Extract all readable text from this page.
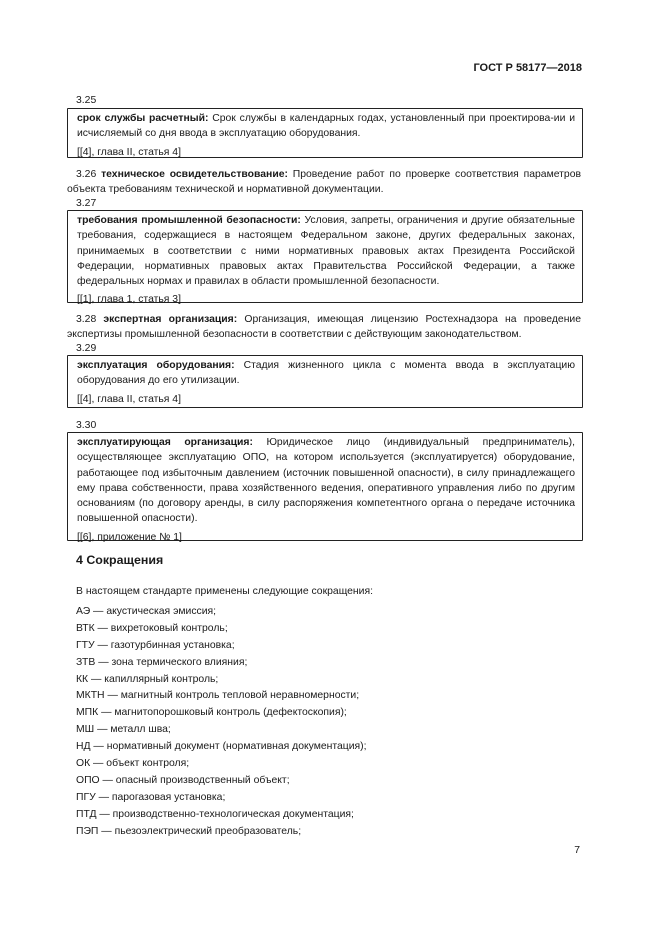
ГОСТ Р 58177—2018
3.25

срок службы расчетный: Срок службы в календарных годах, установленный при проектирова-ии и исчисляемый со дня ввода в эксплуатацию оборудования.

[[4], глава II, статья 4]

3.26 техническое освидетельствование: Проведение работ по проверке соответствия параметров объекта требованиям технической и нормативной документации.
3.27

требования промышленной безопасности: Условия, запреты, ограничения и другие обязательные требования, содержащиеся в настоящем Федеральном законе, других федеральных законах, принимаемых в соответствии с ними нормативных правовых актах Президента Российской Федерации, нормативных правовых актах Правительства Российской Федерации, а также федеральных нормах и правилах в области промышленной безопасности.

[[1], глава 1, статья 3]

3.28 экспертная организация: Организация, имеющая лицензию Ростехнадзора на проведение экспертизы промышленной безопасности в соответствии с действующим законодательством.
3.29

эксплуатация оборудования: Стадия жизненного цикла с момента ввода в эксплуатацию оборудования до его утилизации.

[[4], глава II, статья 4]

3.30

эксплуатирующая организация: Юридическое лицо (индивидуальный предприниматель), осуществляющее эксплуатацию ОПО, на котором используется (эксплуатируется) оборудование, работающее под избыточным давлением (источник повышенной опасности), в силу принадлежащего ему права собственности, права хозяйственного ведения, оперативного управления либо по другим основаниям (по договору аренды, в силу распоряжения компетентного органа о передаче источника повышенной опасности).

[[6], приложение № 1]

4 Сокращения
В настоящем стандарте применены следующие сокращения:
АЭ — акустическая эмиссия;
ВТК — вихретоковый контроль;
ГТУ — газотурбинная установка;
ЗТВ — зона термического влияния;
КК — капиллярный контроль;
МКТН — магнитный контроль тепловой неравномерности;
МПК — магнитопорошковый контроль (дефектоскопия);
МШ — металл шва;
НД — нормативный документ (нормативная документация);
ОК — объект контроля;
ОПО — опасный производственный объект;
ПГУ — парогазовая установка;
ПТД — производственно-технологическая документация;
ПЭП — пьезоэлектрический преобразователь;
7
